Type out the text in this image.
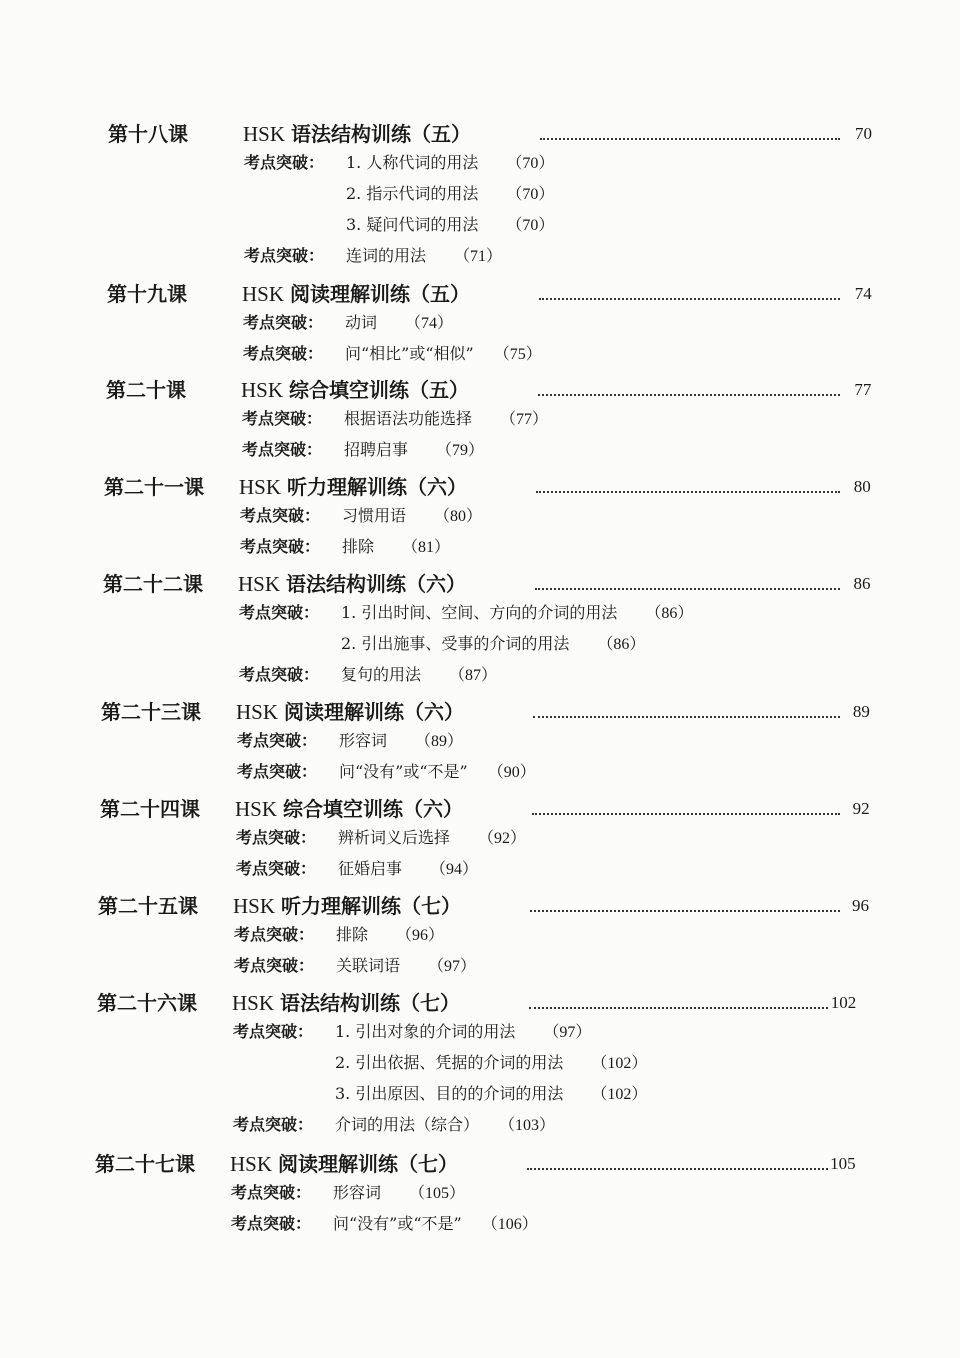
第十八课	HSK 语法结构训练（五）	70
考点突破： 1. 人称代词的用法 （70）
2. 指示代词的用法 （70）
3. 疑问代词的用法 （70）
考点突破： 连词的用法 （71）
第十九课	HSK 阅读理解训练（五）	74
考点突破： 动词 （74）
考点突破： 问“相比”或“相似” （75）
第二十课	HSK 综合填空训练（五）	77
考点突破： 根据语法功能选择 （77）
考点突破： 招聘启事 （79）
第二十一课 HSK 听力理解训练（六）	80
考点突破： 习惯用语 （80）
考点突破： 排除 （81）
第二十二课 HSK 语法结构训练（六）	86
考点突破： 1. 引出时间、空间、方向的介词的用法 （86）
2. 引出施事、受事的介词的用法 （86）
考点突破： 复句的用法 （87）
第二十三课 HSK 阅读理解训练（六）	89
考点突破： 形容词 （89）
考点突破： 问“没有”或“不是” （90）
第二十四课 HSK 综合填空训练（六）	92
考点突破： 辨析词义后选择 （92）
考点突破： 征婚启事 （94）
第二十五课 HSK 听力理解训练（七）	96
考点突破： 排除 （96）
考点突破： 关联词语 （97）
第二十六课 HSK 语法结构训练（七）	102
考点突破： 1. 引出对象的介词的用法 （97）
2. 引出依据、凭据的介词的用法 （102）
3. 引出原因、目的的介词的用法 （102）
考点突破： 介词的用法（综合） （103）
第二十七课 HSK 阅读理解训练（七）	105
考点突破： 形容词 （105）
考点突破： 问“没有”或“不是” （106）
